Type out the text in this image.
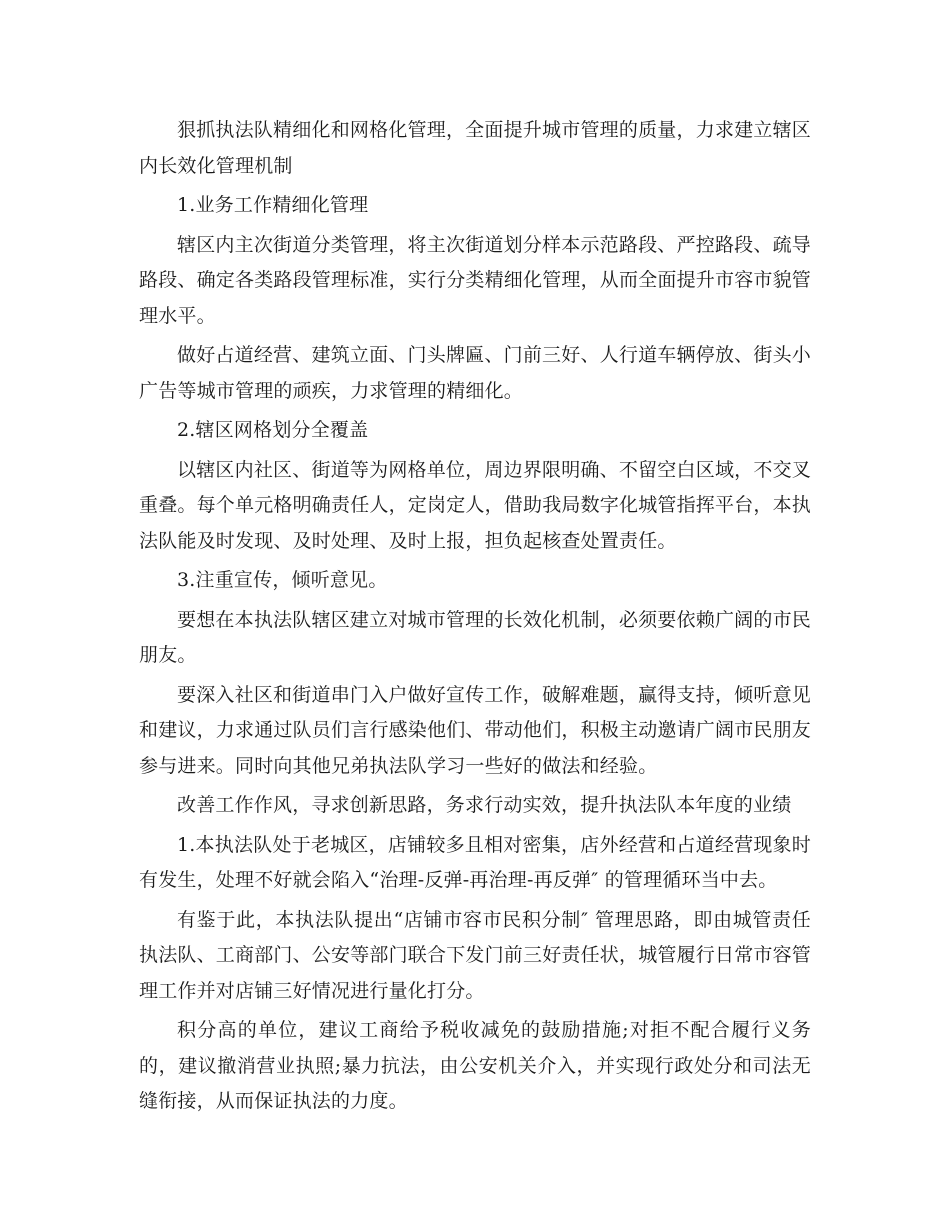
狠抓执法队精细化和网格化管理，全面提升城市管理的质量，力求建立辖区内长效化管理机制

1.业务工作精细化管理

辖区内主次街道分类管理，将主次街道划分样本示范路段、严控路段、疏导路段、确定各类路段管理标准，实行分类精细化管理，从而全面提升市容市貌管理水平。

做好占道经营、建筑立面、门头牌匾、门前三好、人行道车辆停放、街头小广告等城市管理的顽疾，力求管理的精细化。

2.辖区网格划分全覆盖

以辖区内社区、街道等为网格单位，周边界限明确、不留空白区域，不交叉重叠。每个单元格明确责任人，定岗定人，借助我局数字化城管指挥平台，本执法队能及时发现、及时处理、及时上报，担负起核查处置责任。

3.注重宣传，倾听意见。

要想在本执法队辖区建立对城市管理的长效化机制，必须要依赖广阔的市民朋友。

要深入社区和街道串门入户做好宣传工作，破解难题，赢得支持，倾听意见和建议，力求通过队员们言行感染他们、带动他们，积极主动邀请广阔市民朋友参与进来。同时向其他兄弟执法队学习一些好的做法和经验。

改善工作作风，寻求创新思路，务求行动实效，提升执法队本年度的业绩

1.本执法队处于老城区，店铺较多且相对密集，店外经营和占道经营现象时有发生，处理不好就会陷入“治理-反弹-再治理-再反弹″ 的管理循环当中去。

有鉴于此，本执法队提出“店铺市容市民积分制″ 管理思路，即由城管责任执法队、工商部门、公安等部门联合下发门前三好责任状，城管履行日常市容管理工作并对店铺三好情况进行量化打分。

积分高的单位，建议工商给予税收减免的鼓励措施;对拒不配合履行义务的，建议撤消营业执照;暴力抗法，由公安机关介入，并实现行政处分和司法无缝衔接，从而保证执法的力度。
